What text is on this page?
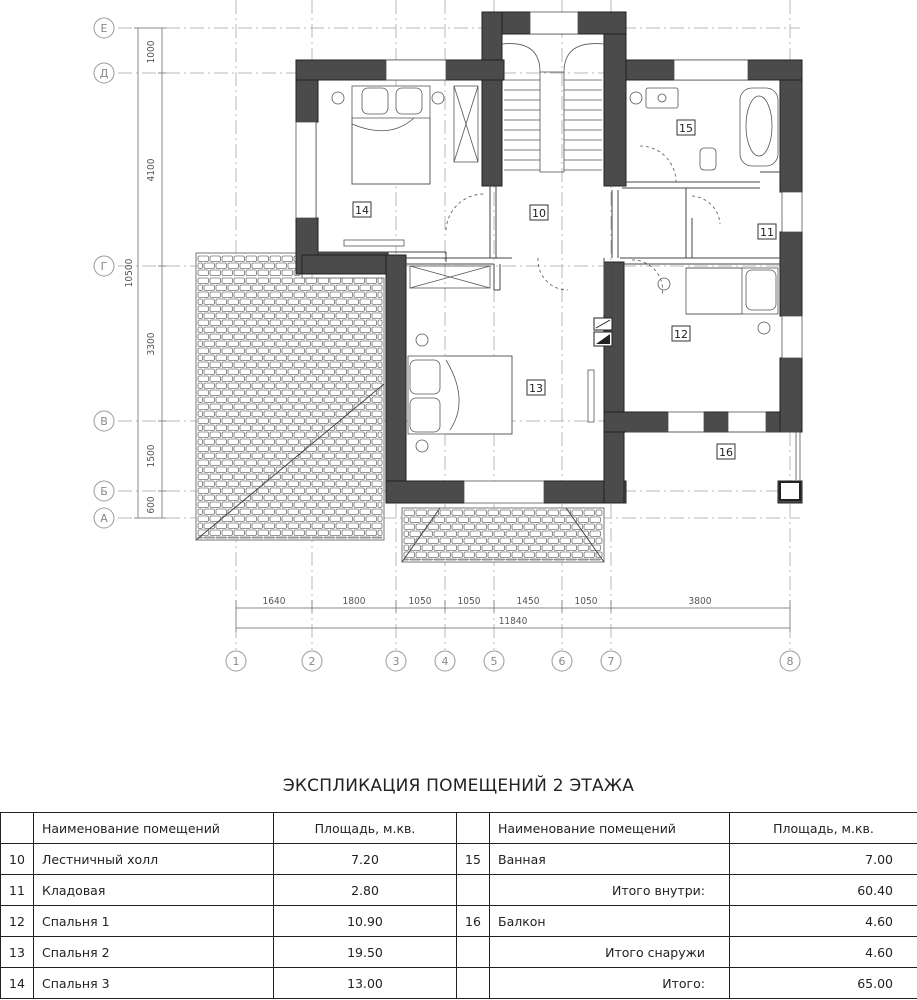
10
11
12
13
14
15
16
1000
4100
3300
1500
600
10500
Е
Д
Г
В
Б
А
1640	1800	1050	1050	1450	1050	3800
11840
1	2	3	4	5	6	7	8
ЭКСПЛИКАЦИЯ ПОМЕЩЕНИЙ 2 ЭТАЖА
	Наименование помещений	Площадь, м.кв.		Наименование помещений	Площадь, м.кв.
10	Лестничный холл	7.20	15	Ванная	7.00
11	Кладовая	2.80		Итого внутри:	60.40
12	Спальня 1	10.90	16	Балкон	4.60
13	Спальня 2	19.50		Итого снаружи	4.60
14	Спальня 3	13.00		Итого:	65.00
